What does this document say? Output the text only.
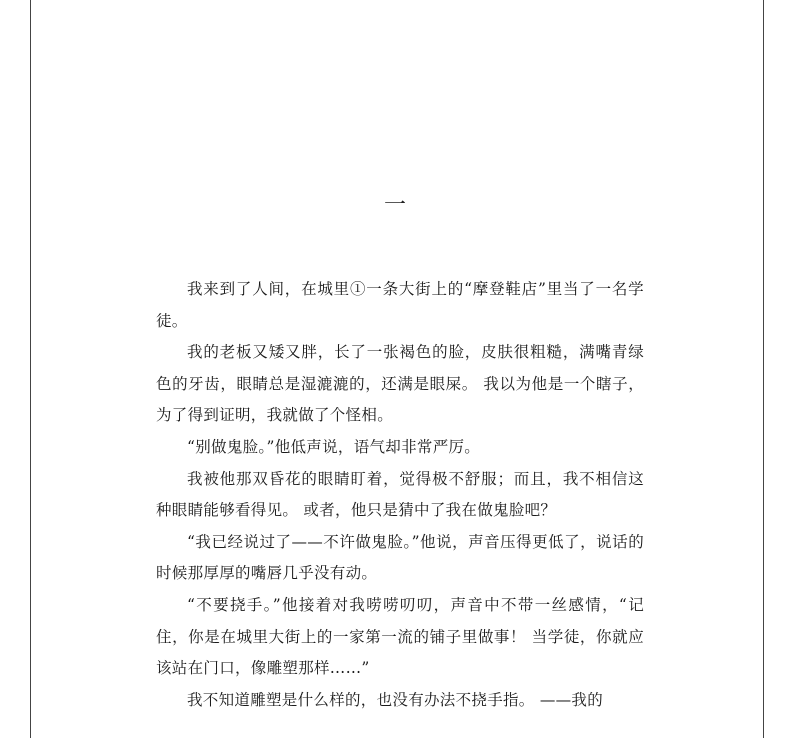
一

我来到了人间，在城里①一条大街上的“摩登鞋店”里当了一名学徒。

我的老板又矮又胖，长了一张褐色的脸，皮肤很粗糙，满嘴青绿色的牙齿，眼睛总是湿漉漉的，还满是眼屎。 我以为他是一个瞎子，为了得到证明，我就做了个怪相。

“别做鬼脸。”他低声说，语气却非常严厉。

我被他那双昏花的眼睛盯着，觉得极不舒服；而且，我不相信这种眼睛能够看得见。 或者，他只是猜中了我在做鬼脸吧？

“我已经说过了——不许做鬼脸。”他说，声音压得更低了，说话的时候那厚厚的嘴唇几乎没有动。

“不要挠手。”他接着对我唠唠叨叨，声音中不带一丝感情，“记住，你是在城里大街上的一家第一流的铺子里做事！ 当学徒，你就应该站在门口，像雕塑那样……”

我不知道雕塑是什么样的，也没有办法不挠手指。 ——我的
